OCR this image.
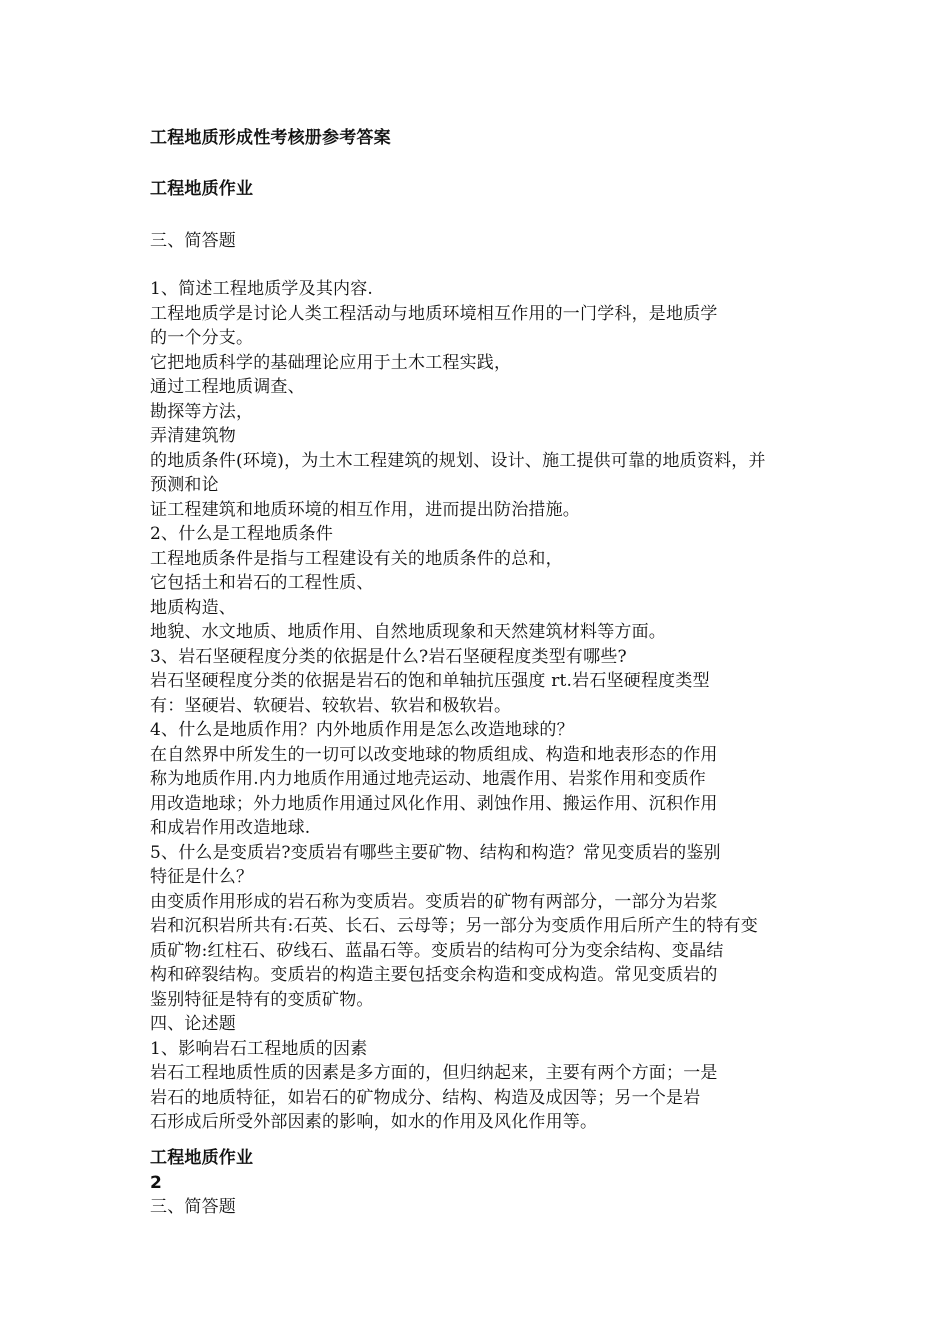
工程地质形成性考核册参考答案
工程地质作业
三、简答题
1、简述工程地质学及其内容.
工程地质学是讨论人类工程活动与地质环境相互作用的一门学科，是地质学
的一个分支。
它把地质科学的基础理论应用于土木工程实践，
通过工程地质调查、
勘探等方法，
弄清建筑物
的地质条件(环境)，为土木工程建筑的规划、设计、施工提供可靠的地质资料，并
预测和论
证工程建筑和地质环境的相互作用，进而提出防治措施。
2、什么是工程地质条件
工程地质条件是指与工程建设有关的地质条件的总和，
它包括土和岩石的工程性质、
地质构造、
地貌、水文地质、地质作用、自然地质现象和天然建筑材料等方面。
3、岩石坚硬程度分类的依据是什么?岩石坚硬程度类型有哪些?
岩石坚硬程度分类的依据是岩石的饱和单轴抗压强度 rt.岩石坚硬程度类型
有：坚硬岩、软硬岩、较软岩、软岩和极软岩。
4、什么是地质作用？内外地质作用是怎么改造地球的？
在自然界中所发生的一切可以改变地球的物质组成、构造和地表形态的作用
称为地质作用.内力地质作用通过地壳运动、地震作用、岩浆作用和变质作
用改造地球；外力地质作用通过风化作用、剥蚀作用、搬运作用、沉积作用
和成岩作用改造地球.
5、什么是变质岩?变质岩有哪些主要矿物、结构和构造？常见变质岩的鉴别
特征是什么？
由变质作用形成的岩石称为变质岩。变质岩的矿物有两部分，一部分为岩浆
岩和沉积岩所共有:石英、长石、云母等；另一部分为变质作用后所产生的特有变
质矿物:红柱石、矽线石、蓝晶石等。变质岩的结构可分为变余结构、变晶结
构和碎裂结构。变质岩的构造主要包括变余构造和变成构造。常见变质岩的
鉴别特征是特有的变质矿物。
四、论述题
1、影响岩石工程地质的因素
岩石工程地质性质的因素是多方面的，但归纳起来，主要有两个方面；一是
岩石的地质特征，如岩石的矿物成分、结构、构造及成因等；另一个是岩
石形成后所受外部因素的影响，如水的作用及风化作用等。
工程地质作业
2
三、简答题
